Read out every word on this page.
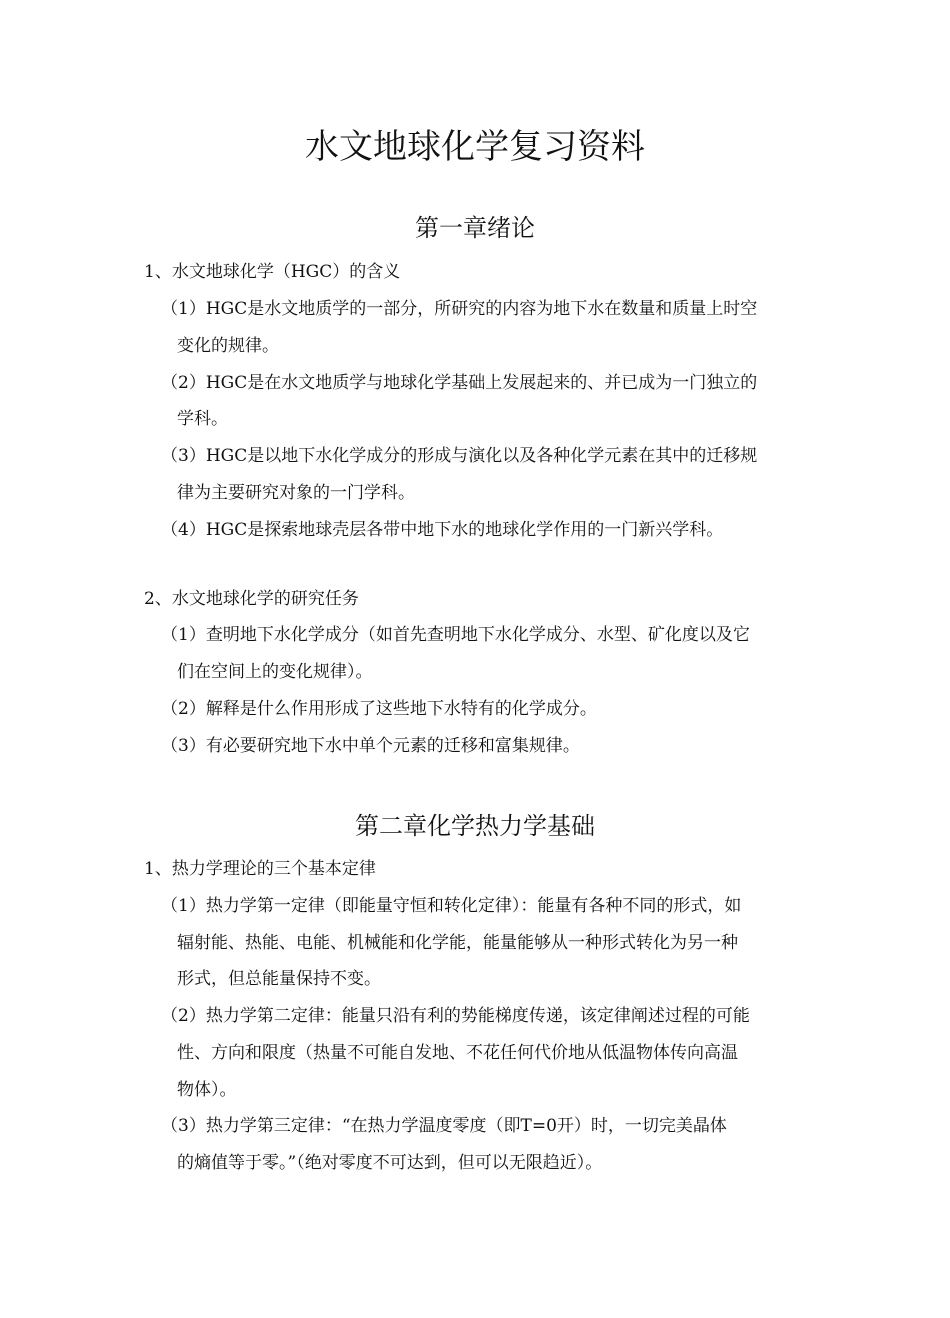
水文地球化学复习资料
第一章绪论
1、水文地球化学（HGC）的含义
（1）HGC是水文地质学的一部分，所研究的内容为地下水在数量和质量上时空
变化的规律。
（2）HGC是在水文地质学与地球化学基础上发展起来的、并已成为一门独立的
学科。
（3）HGC是以地下水化学成分的形成与演化以及各种化学元素在其中的迁移规
律为主要研究对象的一门学科。
（4）HGC是探索地球壳层各带中地下水的地球化学作用的一门新兴学科。
2、水文地球化学的研究任务
（1）查明地下水化学成分（如首先查明地下水化学成分、水型、矿化度以及它
们在空间上的变化规律）。
（2）解释是什么作用形成了这些地下水特有的化学成分。
（3）有必要研究地下水中单个元素的迁移和富集规律。
第二章化学热力学基础
1、热力学理论的三个基本定律
（1）热力学第一定律（即能量守恒和转化定律）：能量有各种不同的形式，如
辐射能、热能、电能、机械能和化学能，能量能够从一种形式转化为另一种
形式，但总能量保持不变。
（2）热力学第二定律：能量只沿有利的势能梯度传递，该定律阐述过程的可能
性、方向和限度（热量不可能自发地、不花任何代价地从低温物体传向高温
物体）。
（3）热力学第三定律：“在热力学温度零度（即T=0开）时，一切完美晶体
的熵值等于零。”（绝对零度不可达到，但可以无限趋近）。
